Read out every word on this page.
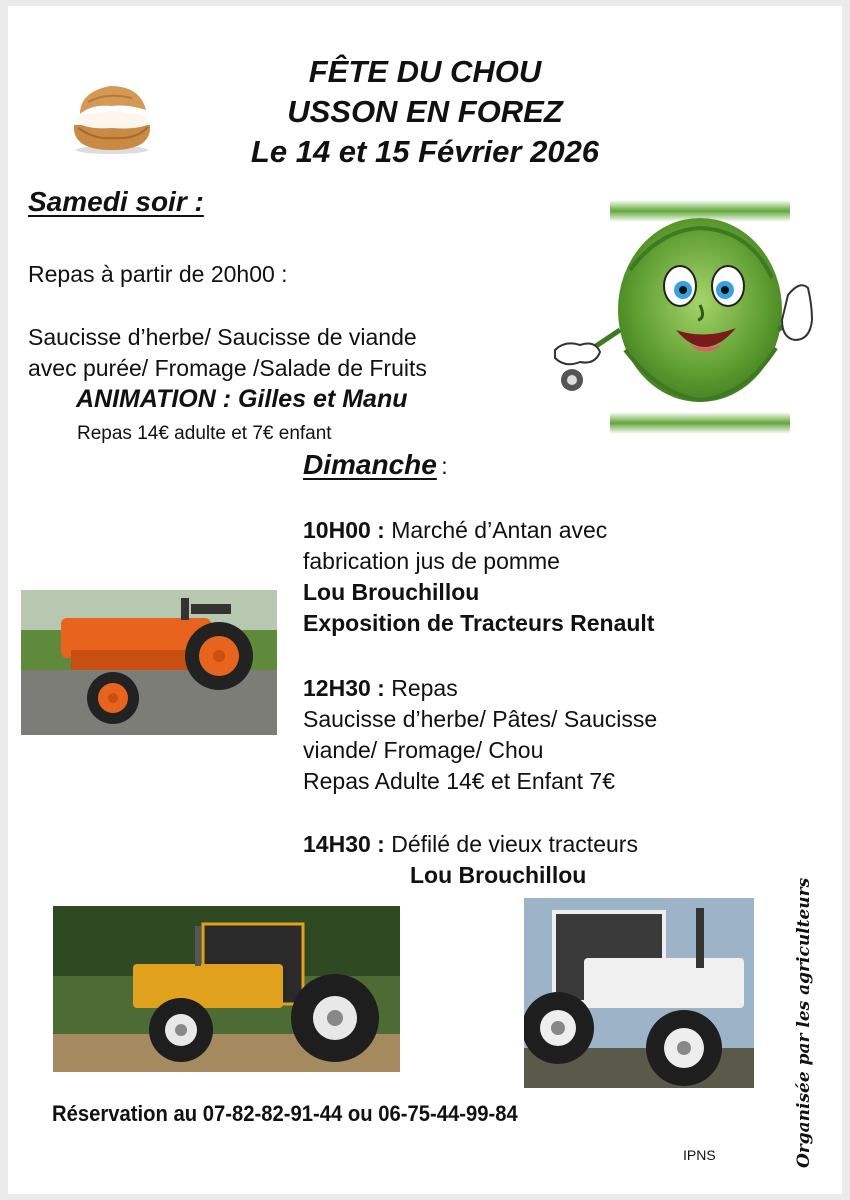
FÊTE DU CHOU
USSON EN FOREZ
Le 14 et 15 Février 2026
Samedi soir :
Repas à partir de 20h00 :
Saucisse d’herbe/ Saucisse de viande
avec purée/ Fromage /Salade de Fruits
ANIMATION : Gilles et Manu
Repas 14€ adulte et 7€ enfant
Dimanche :
10H00 : Marché d’Antan avec
fabrication jus de pomme
Lou Brouchillou
Exposition de Tracteurs Renault
12H30 : Repas
Saucisse d’herbe/ Pâtes/ Saucisse
viande/ Fromage/ Chou
Repas Adulte 14€ et Enfant 7€
14H30 : Défilé de vieux tracteurs
Lou Brouchillou
Réservation au 07-82-82-91-44 ou 06-75-44-99-84
IPNS	Organisée par les agriculteurs
